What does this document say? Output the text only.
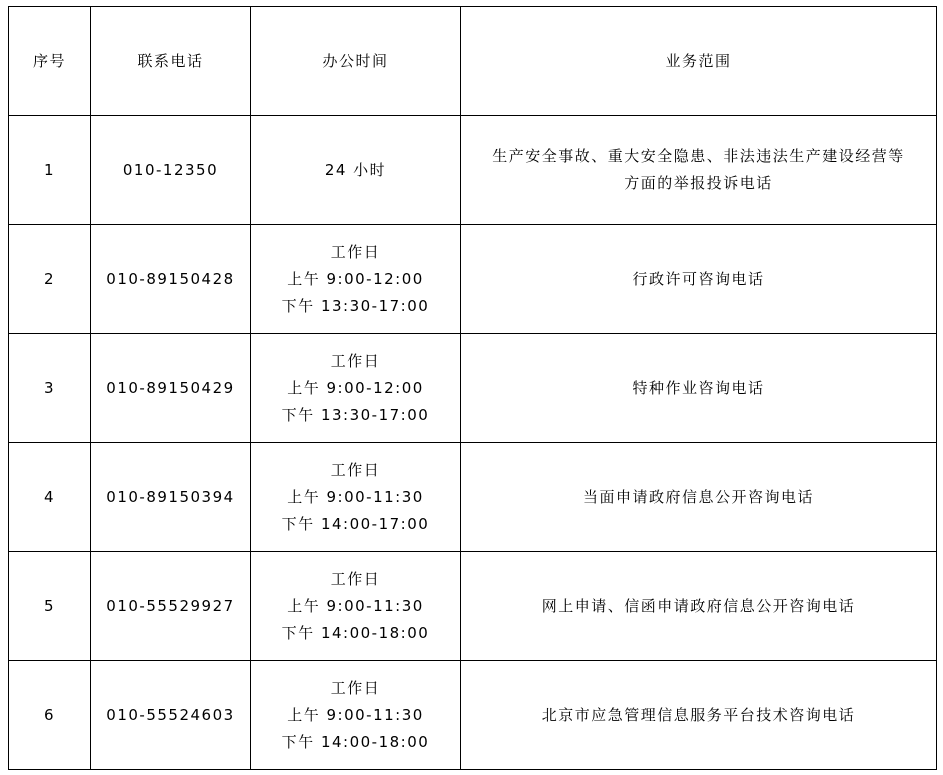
序号	联系电话	办公时间	业务范围
1	010-12350	24 小时	生产安全事故、重大安全隐患、非法违法生产建设经营等
方面的举报投诉电话

2	010-89150428	工作日
上午 9:00-12:00
下午 13:30-17:00	行政许可咨询电话

3	010-89150429	工作日
上午 9:00-12:00
下午 13:30-17:00	特种作业咨询电话

4	010-89150394	工作日
上午 9:00-11:30
下午 14:00-17:00	当面申请政府信息公开咨询电话

5	010-55529927	工作日
上午 9:00-11:30
下午 14:00-18:00	网上申请、信函申请政府信息公开咨询电话

6	010-55524603	工作日
上午 9:00-11:30
下午 14:00-18:00	北京市应急管理信息服务平台技术咨询电话
